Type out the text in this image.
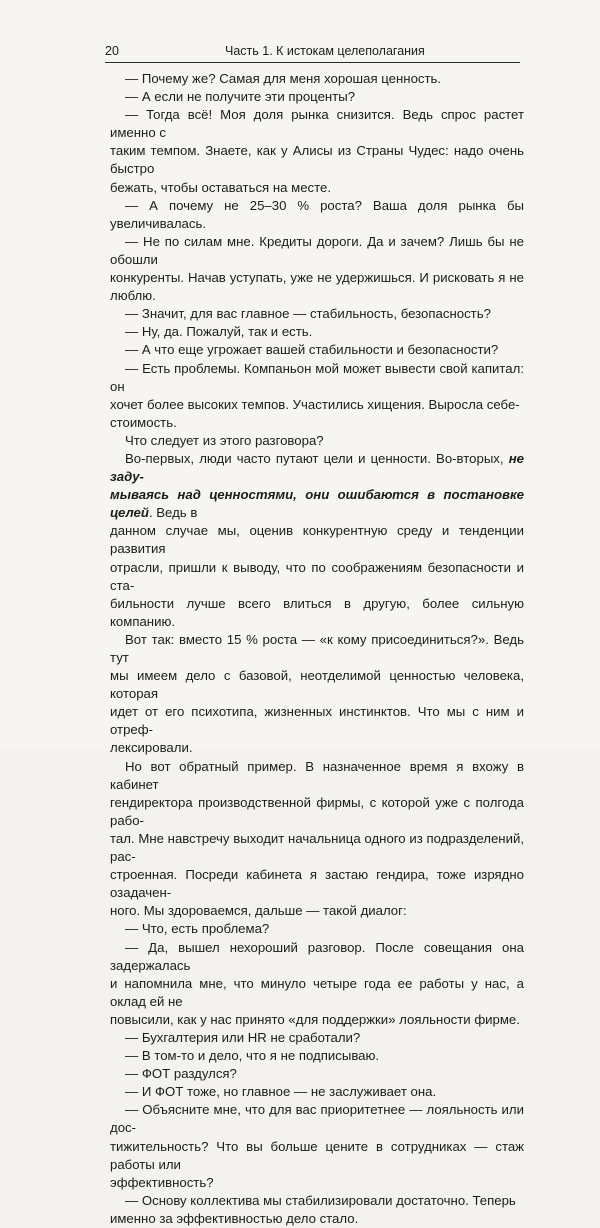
20	Часть 1. К истокам целеполагания

— Почему же? Самая для меня хорошая ценность.

— А если не получите эти проценты?

— Тогда всё! Моя доля рынка снизится. Ведь спрос растет именно с
таким темпом. Знаете, как у Алисы из Страны Чудес: надо очень быстро
бежать, чтобы оставаться на месте.

— А почему не 25–30 % роста? Ваша доля рынка бы увеличивалась.

— Не по силам мне. Кредиты дороги. Да и зачем? Лишь бы не обошли
конкуренты. Начав уступать, уже не удержишься. И рисковать я не люблю.

— Значит, для вас главное — стабильность, безопасность?

— Ну, да. Пожалуй, так и есть.

— А что еще угрожает вашей стабильности и безопасности?

— Есть проблемы. Компаньон мой может вывести свой капитал: он
хочет более высоких темпов. Участились хищения. Выросла себе-
стоимость.

Что следует из этого разговора?

Во-первых, люди часто путают цели и ценности. Во-вторых, не заду-
мываясь над ценностями, они ошибаются в постановке целей. Ведь в
данном случае мы, оценив конкурентную среду и тенденции развития
отрасли, пришли к выводу, что по соображениям безопасности и ста-
бильности лучше всего влиться в другую, более сильную компанию.

Вот так: вместо 15 % роста — «к кому присоединиться?». Ведь тут
мы имеем дело с базовой, неотделимой ценностью человека, которая
идет от его психотипа, жизненных инстинктов. Что мы с ним и отреф-
лексировали.

Но вот обратный пример. В назначенное время я вхожу в кабинет
гендиректора производственной фирмы, с которой уже с полгода рабо-
тал. Мне навстречу выходит начальница одного из подразделений, рас-
строенная. Посреди кабинета я застаю гендира, тоже изрядно озадачен-
ного. Мы здороваемся, дальше — такой диалог:

— Что, есть проблема?

— Да, вышел нехороший разговор. После совещания она задержалась
и напомнила мне, что минуло четыре года ее работы у нас, а оклад ей не
повысили, как у нас принято «для поддержки» лояльности фирме.

— Бухгалтерия или HR не сработали?

— В том-то и дело, что я не подписываю.

— ФОТ раздулся?

— И ФОТ тоже, но главное — не заслуживает она.

— Объясните мне, что для вас приоритетнее — лояльность или дос-
тижительность? Что вы больше цените в сотрудниках — стаж работы или
эффективность?

— Основу коллектива мы стабилизировали достаточно. Теперь
именно за эффективностью дело стало.
